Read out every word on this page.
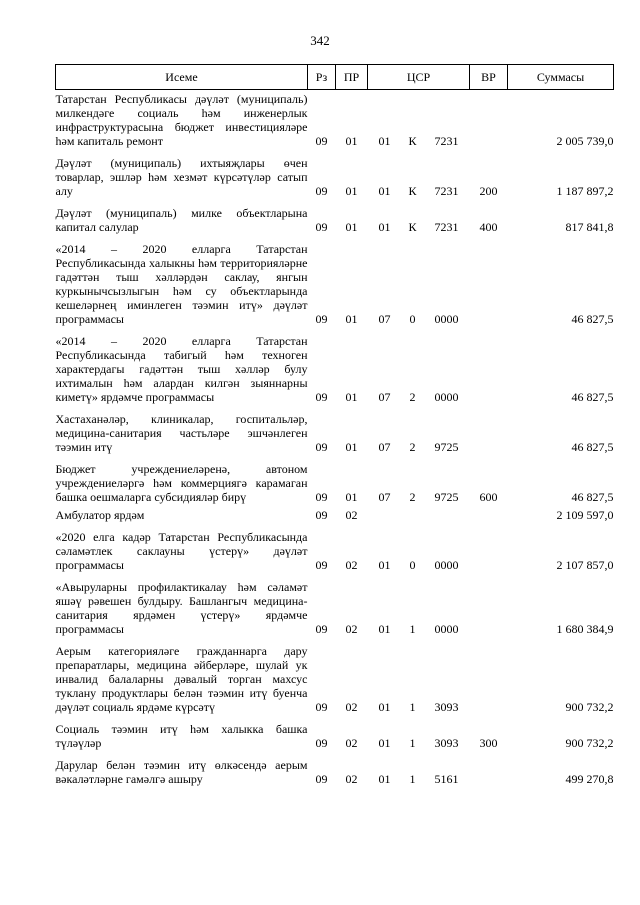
342
Исеме	Рз	ПР	ЦСР			ВР	Суммасы

Татарстан Республикасы дәүләт (муниципаль) милкендәге социаль һәм инженерлык инфраструктурасына бюджет инвестицияләре һәм капиталь ремонт	09	01	01	К	7231		2 005 739,0

Дәүләт (муниципаль) ихтыяҗлары өчен товарлар, эшләр һәм хезмәт күрсәтүләр сатып алу	09	01	01	К	7231	200	1 187 897,2

Дәүләт (муниципаль) милке объектларына капитал салулар	09	01	01	К	7231	400	817 841,8

«2014 – 2020 елларга Татарстан Республикасында халыкны һәм территорияләрне гадәттән тыш хәлләрдән саклау, янгын куркынычсызлыгын һәм су объектларында кешеләрнең иминлеген тәэмин итү» дәүләт программасы	09	01	07	0	0000		46 827,5

«2014 – 2020 елларга Татарстан Республикасында табигый һәм техноген характердагы гадәттән тыш хәлләр булу ихтималын һәм алардан килгән зыяннарны киметү» ярдәмче программасы	09	01	07	2	0000		46 827,5

Хастаханәләр, клиникалар, госпитальләр, медицина-санитария частьләре эшчәнлеген тәэмин итү	09	01	07	2	9725		46 827,5

Бюджет учреждениеләренә, автоном учреждениеләргә һәм коммерциягә карамаган башка оешмаларга субсидияләр бирү	09	01	07	2	9725	600	46 827,5

Амбулатор ярдәм	09	02					2 109 597,0

«2020 елга кадәр Татарстан Республикасында сәламәтлек саклауны үстерү» дәүләт программасы	09	02	01	0	0000		2 107 857,0

«Авыруларны профилактикалау һәм сәламәт яшәү рәвешен булдыру. Башлангыч медицина-санитария ярдәмен үстерү» ярдәмче программасы	09	02	01	1	0000		1 680 384,9

Аерым категорияләге гражданнарга дару препаратлары, медицина әйберләре, шулай ук инвалид балаларны дәвалый торган махсус туклану продуктлары белән тәэмин итү буенча дәүләт социаль ярдәме күрсәтү	09	02	01	1	3093		900 732,2

Социаль тәэмин итү һәм халыкка башка түләүләр	09	02	01	1	3093	300	900 732,2

Дарулар белән тәэмин итү өлкәсендә аерым вәкаләтләрне гамәлгә ашыру	09	02	01	1	5161		499 270,8
